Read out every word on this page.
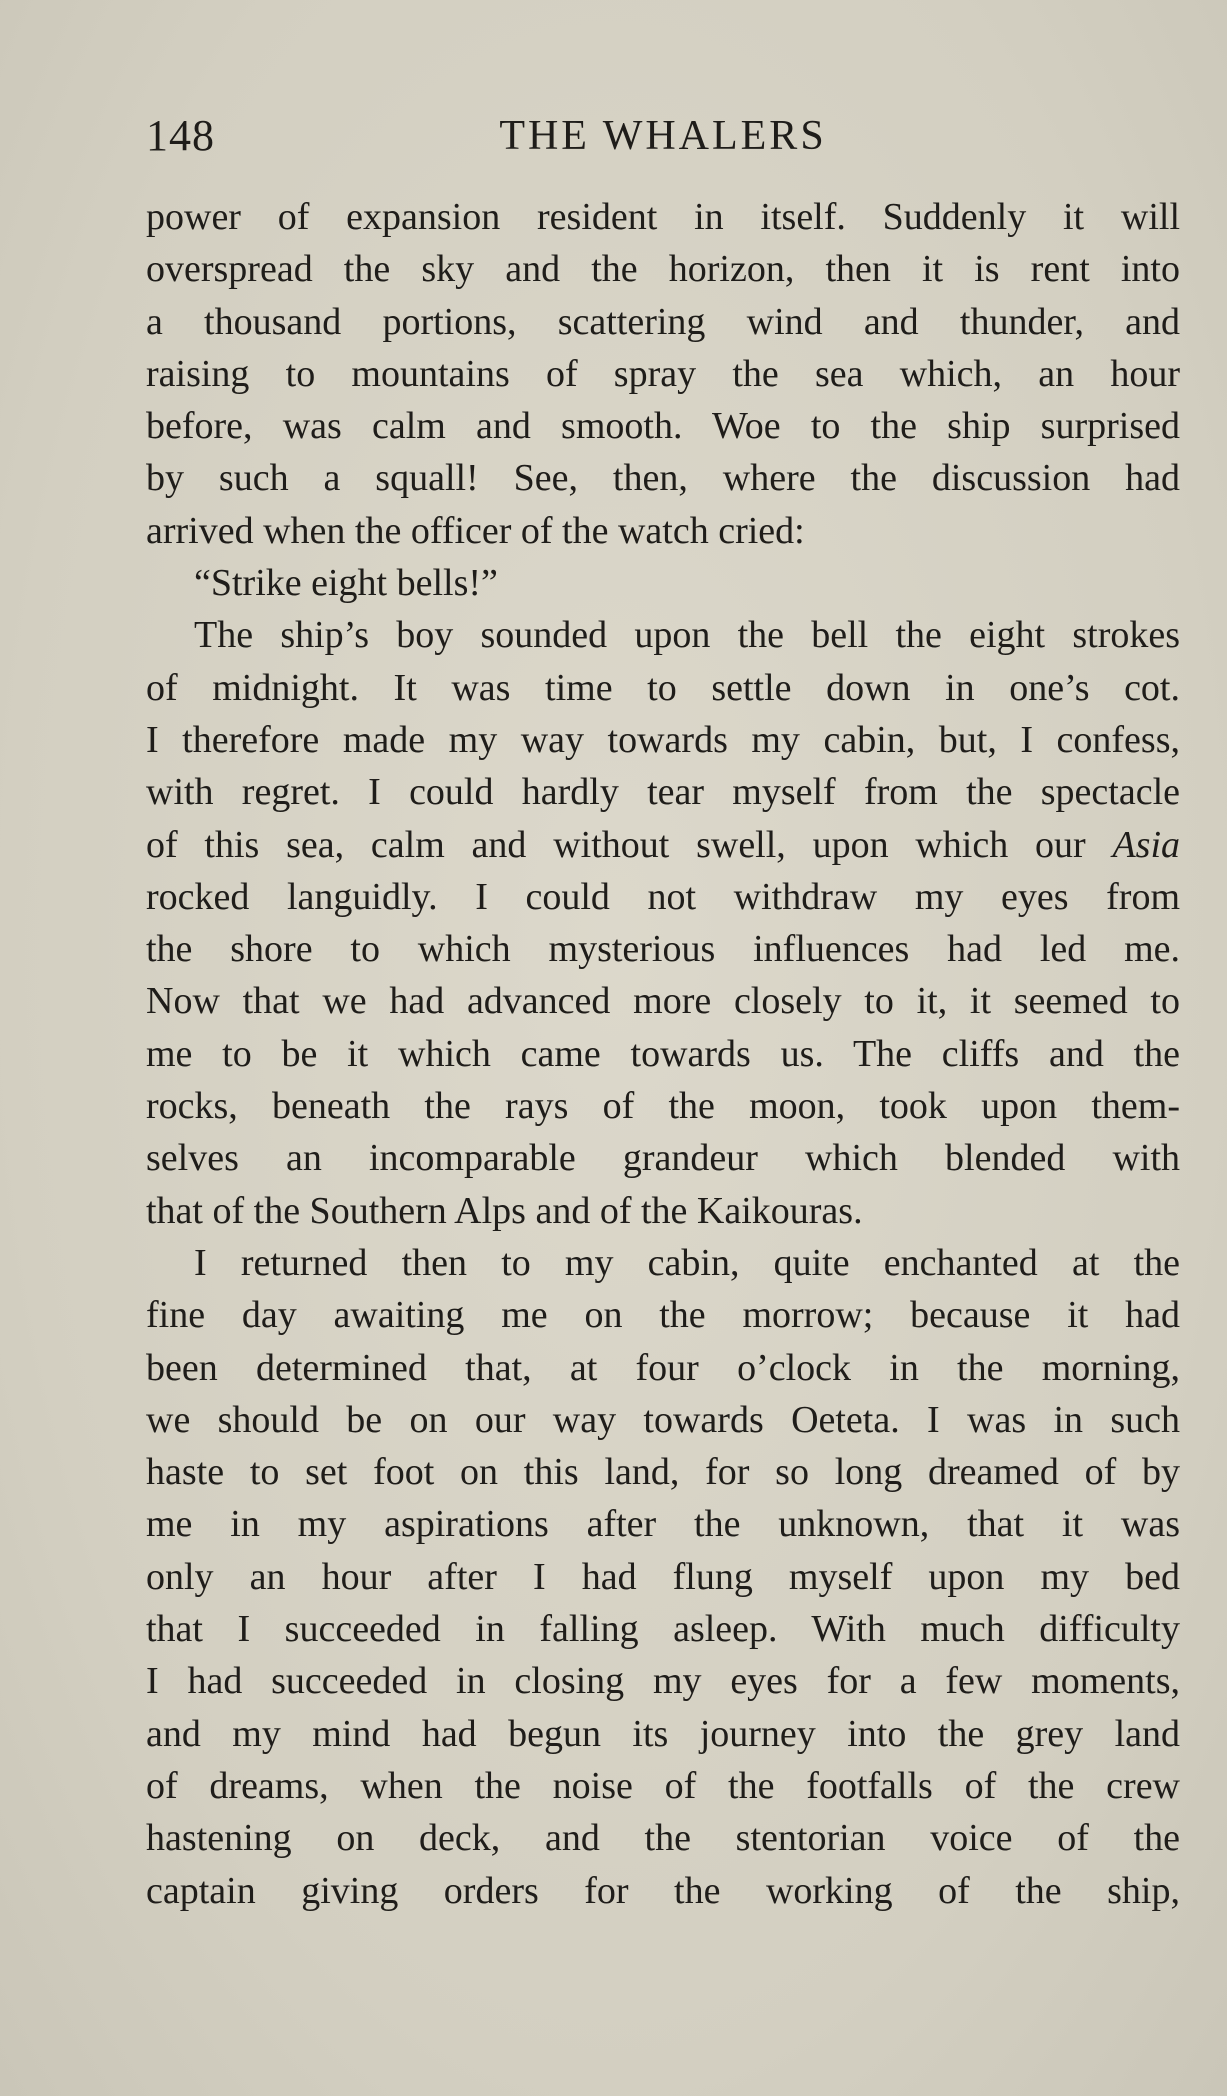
148	THE WHALERS
power of expansion resident in itself. Suddenly it will
overspread the sky and the horizon, then it is rent into
a thousand portions, scattering wind and thunder, and
raising to mountains of spray the sea which, an hour
before, was calm and smooth. Woe to the ship surprised
by such a squall! See, then, where the discussion had
arrived when the officer of the watch cried:
“Strike eight bells!”
The ship’s boy sounded upon the bell the eight strokes
of midnight. It was time to settle down in one’s cot.
I therefore made my way towards my cabin, but, I confess,
with regret. I could hardly tear myself from the spectacle
of this sea, calm and without swell, upon which our Asia
rocked languidly. I could not withdraw my eyes from
the shore to which mysterious influences had led me.
Now that we had advanced more closely to it, it seemed to
me to be it which came towards us. The cliffs and the
rocks, beneath the rays of the moon, took upon them-
selves an incomparable grandeur which blended with
that of the Southern Alps and of the Kaikouras.
I returned then to my cabin, quite enchanted at the
fine day awaiting me on the morrow; because it had
been determined that, at four o’clock in the morning,
we should be on our way towards Oeteta. I was in such
haste to set foot on this land, for so long dreamed of by
me in my aspirations after the unknown, that it was
only an hour after I had flung myself upon my bed
that I succeeded in falling asleep. With much difficulty
I had succeeded in closing my eyes for a few moments,
and my mind had begun its journey into the grey land
of dreams, when the noise of the footfalls of the crew
hastening on deck, and the stentorian voice of the
captain giving orders for the working of the ship,
